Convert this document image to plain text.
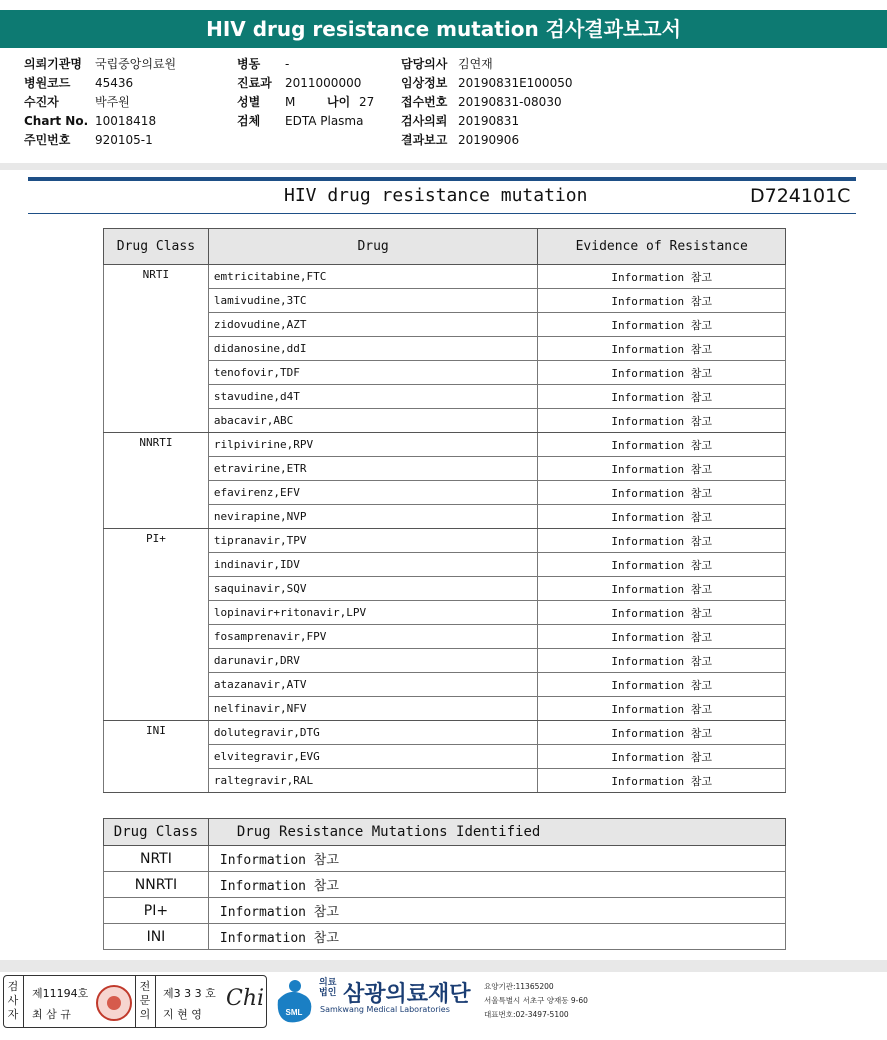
HIV drug resistance mutation 검사결과보고서
의뢰기관명 국립중앙의료원
병원코드 45436
수진자	박주원
Chart No. 10018418
주민번호 920105-1
병동 -
진료과 2011000000
성별 M	나이 27
검체 EDTA Plasma
담당의사 김연재
임상정보 20190831E100050
접수번호 20190831-08030
검사의뢰 20190831
결과보고 20190906
HIV drug resistance mutation	D724101C
Drug Class	Drug	Evidence of Resistance
NRTI	emtricitabine,FTC	Information 참고
	lamivudine,3TC	Information 참고
	zidovudine,AZT	Information 참고
	didanosine,ddI	Information 참고
	tenofovir,TDF	Information 참고
	stavudine,d4T	Information 참고
	abacavir,ABC	Information 참고
NNRTI	rilpivirine,RPV	Information 참고
	etravirine,ETR	Information 참고
	efavirenz,EFV	Information 참고
	nevirapine,NVP	Information 참고
PI+	tipranavir,TPV	Information 참고
	indinavir,IDV	Information 참고
	saquinavir,SQV	Information 참고
	lopinavir+ritonavir,LPV	Information 참고
	fosamprenavir,FPV	Information 참고
	darunavir,DRV	Information 참고
	atazanavir,ATV	Information 참고
	nelfinavir,NFV	Information 참고
INI	dolutegravir,DTG	Information 참고
	elvitegravir,EVG	Information 참고
	raltegravir,RAL	Information 참고
Drug Class	Drug Resistance Mutations Identified
NRTI	Information 참고
NNRTI	Information 참고
PI+	Information 참고
INI	Information 참고
검사자
제11194호
최 삼 규
전문의
제3 3 3 호
지 현 영
Chi
SML
의료 법인 삼광의료재단
Samkwang Medical Laboratories
요양기관:11365200
서울특별시 서초구 양재동 9-60
대표번호:02-3497-5100
